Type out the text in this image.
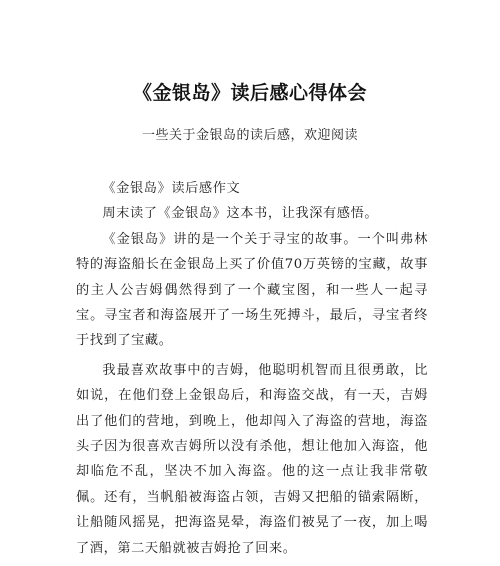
《金银岛》读后感心得体会
一些关于金银岛的读后感，欢迎阅读

《金银岛》读后感作文

周末读了《金银岛》这本书，让我深有感悟。

《金银岛》讲的是一个关于寻宝的故事。一个叫弗林特的海盗船长在金银岛上买了价值70万英镑的宝藏，故事的主人公吉姆偶然得到了一个藏宝图，和一些人一起寻宝。寻宝者和海盗展开了一场生死搏斗，最后，寻宝者终于找到了宝藏。

我最喜欢故事中的吉姆，他聪明机智而且很勇敢，比如说，在他们登上金银岛后，和海盗交战，有一天，吉姆出了他们的营地，到晚上，他却闯入了海盗的营地，海盗头子因为很喜欢吉姆所以没有杀他，想让他加入海盗，他却临危不乱，坚决不加入海盗。他的这一点让我非常敬佩。还有，当帆船被海盗占领，吉姆又把船的锚索隔断，让船随风摇晃，把海盗晃晕，海盗们被晃了一夜，加上喝了酒，第二天船就被吉姆抢了回来。
